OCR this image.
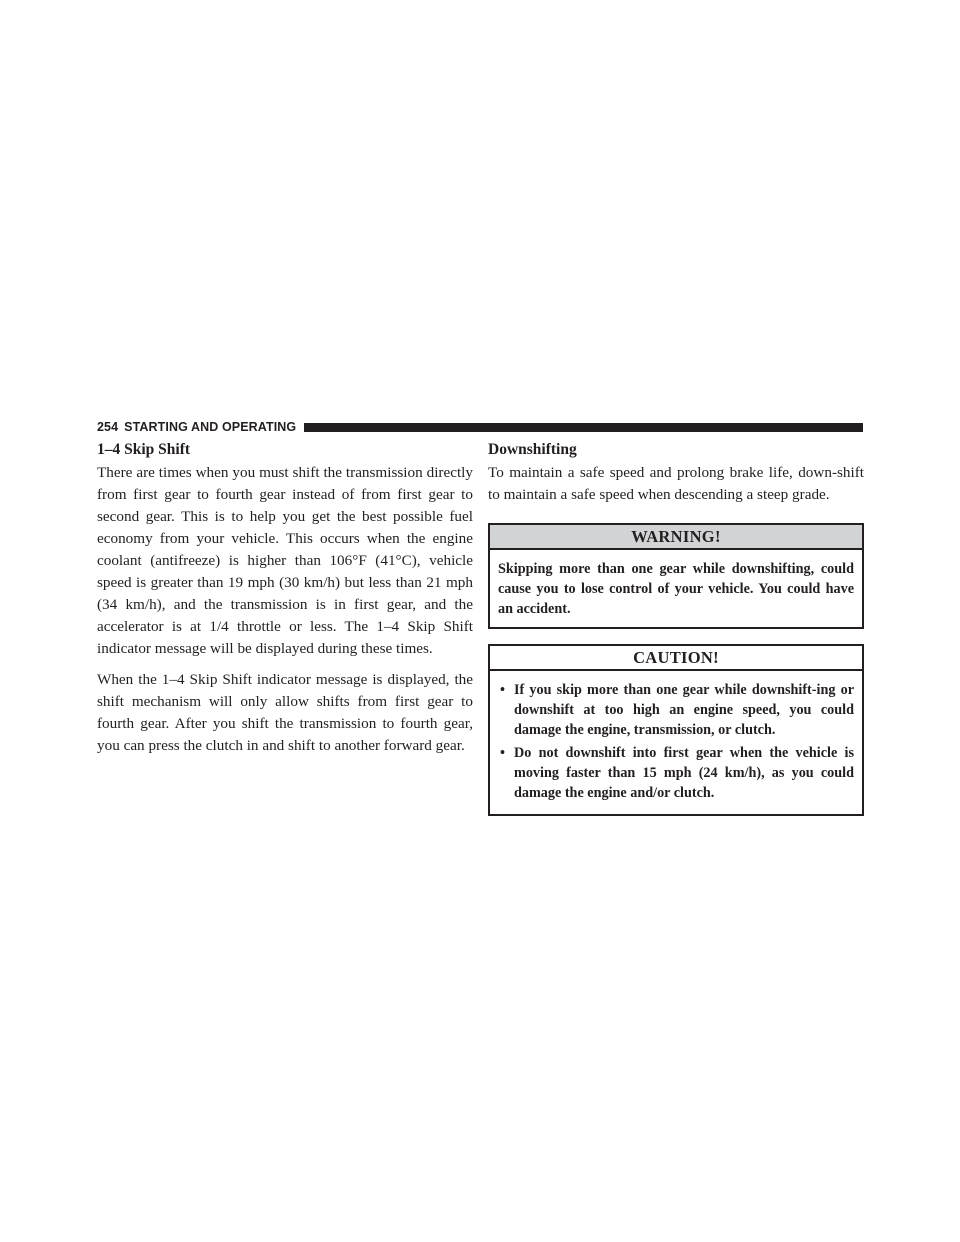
254 STARTING AND OPERATING
1–4 Skip Shift

There are times when you must shift the transmission directly from first gear to fourth gear instead of from first gear to second gear. This is to help you get the best possible fuel economy from your vehicle. This occurs when the engine coolant (antifreeze) is higher than 106°F (41°C), vehicle speed is greater than 19 mph (30 km/h) but less than 21 mph (34 km/h), and the transmission is in first gear, and the accelerator is at 1/4 throttle or less. The 1–4 Skip Shift indicator message will be displayed during these times.

When the 1–4 Skip Shift indicator message is displayed, the shift mechanism will only allow shifts from first gear to fourth gear. After you shift the transmission to fourth gear, you can press the clutch in and shift to another forward gear.

Downshifting

To maintain a safe speed and prolong brake life, down-shift to maintain a safe speed when descending a steep grade.

WARNING!
Skipping more than one gear while downshifting, could cause you to lose control of your vehicle. You could have an accident.
CAUTION!
• If you skip more than one gear while downshift-ing or downshift at too high an engine speed, you could damage the engine, transmission, or clutch.
• Do not downshift into first gear when the vehicle is moving faster than 15 mph (24 km/h), as you could damage the engine and/or clutch.
